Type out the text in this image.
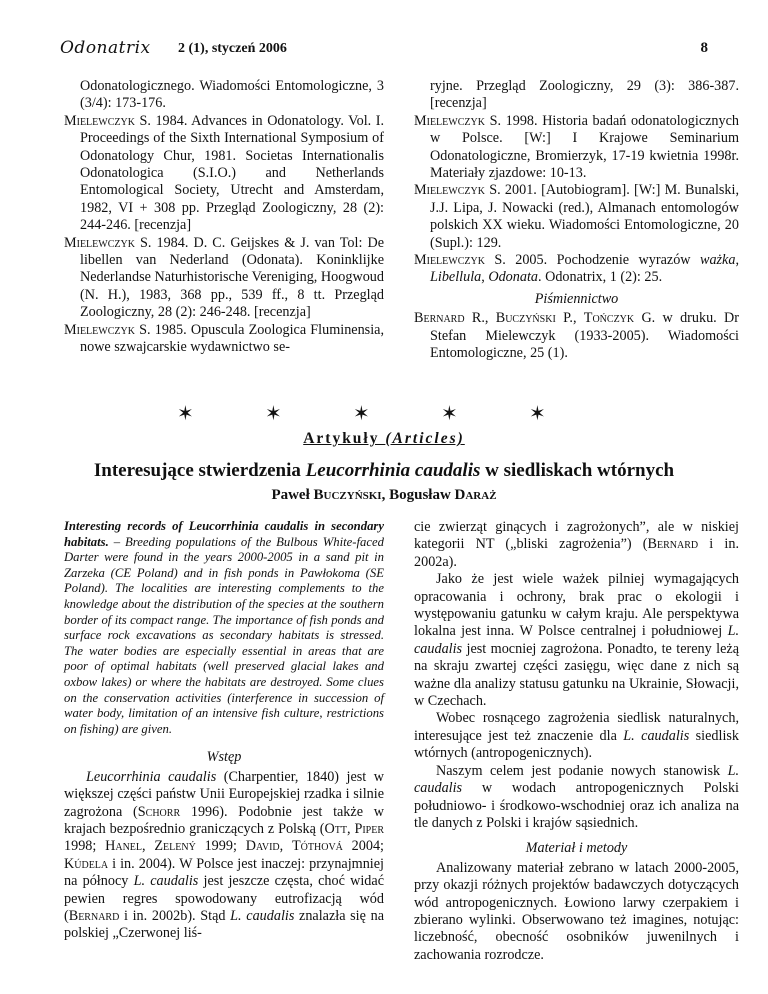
Odonatrix 2 (1), styczeń 2006	8

Odonatologicznego. Wiadomości Entomologiczne, 3 (3/4): 173-176.

Mielewczyk S. 1984. Advances in Odonatology. Vol. I. Proceedings of the Sixth International Symposium of Odonatology Chur, 1981. Societas Internationalis Odonatologica (S.I.O.) and Netherlands Entomological Society, Utrecht and Amsterdam, 1982, VI + 308 pp. Przegląd Zoologiczny, 28 (2): 244-246. [recenzja]

Mielewczyk S. 1984. D. C. Geijskes & J. van Tol: De libellen van Nederland (Odonata). Koninklijke Nederlandse Naturhistorische Vereniging, Hoogwoud (N. H.), 1983, 368 pp., 539 ff., 8 tt. Przegląd Zoologiczny, 28 (2): 246-248. [recenzja]

Mielewczyk S. 1985. Opuscula Zoologica Fluminensia, nowe szwajcarskie wydawnictwo se-

ryjne. Przegląd Zoologiczny, 29 (3): 386-387. [recenzja]

Mielewczyk S. 1998. Historia badań odonatologicznych w Polsce. [W:] I Krajowe Seminarium Odonatologiczne, Bromierzyk, 17-19 kwietnia 1998r. Materiały zjazdowe: 10-13.

Mielewczyk S. 2001. [Autobiogram]. [W:] M. Bunalski, J.J. Lipa, J. Nowacki (red.), Almanach entomologów polskich XX wieku. Wiadomości Entomologiczne, 20 (Supl.): 129.

Mielewczyk S. 2005. Pochodzenie wyrazów ważka, Libellula, Odonata. Odonatrix, 1 (2): 25.

Piśmiennictwo

Bernard R., Buczyński P., Tończyk G. w druku. Dr Stefan Mielewczyk (1933-2005). Wiadomości Entomologiczne, 25 (1).

✶	✶	✶	✶	✶
Artykuły (Articles)
Interesujące stwierdzenia Leucorrhinia caudalis w siedliskach wtórnych
Paweł Buczyński, Bogusław Daraż

Interesting records of Leucorrhinia caudalis in secondary habitats. – Breeding populations of the Bulbous White-faced Darter were found in the years 2000-2005 in a sand pit in Zarzeka (CE Poland) and in fish ponds in Pawłokoma (SE Poland). The localities are interesting complements to the knowledge about the distribution of the species at the southern border of its compact range. The importance of fish ponds and surface rock excavations as secondary habitats is stressed. The water bodies are especially essential in areas that are poor of optimal habitats (well preserved glacial lakes and oxbow lakes) or where the habitats are destroyed. Some clues on the conservation activities (interference in succession of water body, limitation of an intensive fish culture, restrictions on fishing) are given.

Wstęp

Leucorrhinia caudalis (Charpentier, 1840) jest w większej części państw Unii Europejskiej rzadka i silnie zagrożona (Schorr 1996). Podobnie jest także w krajach bezpośrednio graniczących z Polską (Ott, Piper 1998; Hanel, Zelený 1999; David, Tóthová 2004; Kúdela i in. 2004). W Polsce jest inaczej: przynajmniej na północy L. caudalis jest jeszcze częsta, choć widać pewien regres spowodowany eutrofizacją wód (Bernard i in. 2002b). Stąd L. caudalis znalazła się na polskiej „Czerwonej liś-

cie zwierząt ginących i zagrożonych”, ale w niskiej kategorii NT („bliski zagrożenia”) (Bernard i in. 2002a).

Jako że jest wiele ważek pilniej wymagających opracowania i ochrony, brak prac o ekologii i występowaniu gatunku w całym kraju. Ale perspektywa lokalna jest inna. W Polsce centralnej i południowej L. caudalis jest mocniej zagrożona. Ponadto, te tereny leżą na skraju zwartej części zasięgu, więc dane z nich są ważne dla analizy statusu gatunku na Ukrainie, Słowacji, w Czechach.

Wobec rosnącego zagrożenia siedlisk naturalnych, interesujące jest też znaczenie dla L. caudalis siedlisk wtórnych (antropogenicznych).

Naszym celem jest podanie nowych stanowisk L. caudalis w wodach antropogenicznych Polski południowo- i środkowo-wschodniej oraz ich analiza na tle danych z Polski i krajów sąsiednich.

Materiał i metody

Analizowany materiał zebrano w latach 2000-2005, przy okazji różnych projektów badawczych dotyczących wód antropogenicznych. Łowiono larwy czerpakiem i zbierano wylinki. Obserwowano też imagines, notując: liczebność, obecność osobników juwenilnych i zachowania rozrodcze.
